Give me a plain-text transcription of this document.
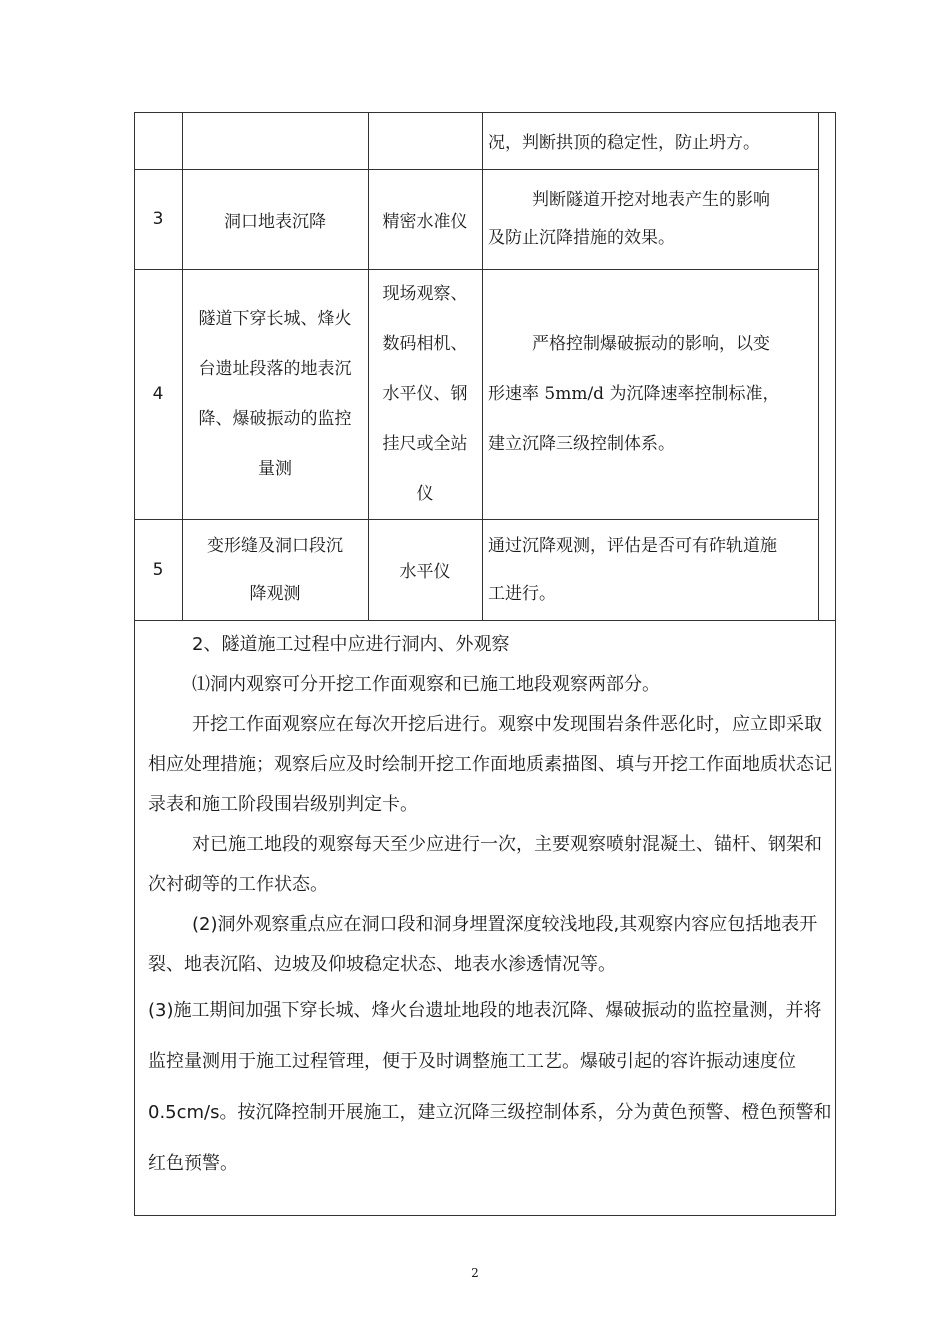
况，判断拱顶的稳定性，防止坍方。
3	洞口地表沉降	精密水准仪
判断隧道开挖对地表产生的影响
及防止沉降措施的效果。
4
隧道下穿长城、烽火
台遗址段落的地表沉
降、爆破振动的监控
量测
现场观察、
数码相机、
水平仪、钢
挂尺或全站
仪
严格控制爆破振动的影响，以变
形速率 5mm/d 为沉降速率控制标准，
建立沉降三级控制体系。
5
变形缝及洞口段沉
降观测
水平仪
通过沉降观测，评估是否可有砟轨道施
工进行。

2、隧道施工过程中应进行洞内、外观察

⑴洞内观察可分开挖工作面观察和已施工地段观察两部分。

开挖工作面观察应在每次开挖后进行。观察中发现围岩条件恶化时，应立即采取相应处理措施；观察后应及时绘制开挖工作面地质素描图、填与开挖工作面地质状态记录表和施工阶段围岩级别判定卡。

对已施工地段的观察每天至少应进行一次，主要观察喷射混凝土、锚杆、钢架和次衬砌等的工作状态。

(2)洞外观察重点应在洞口段和洞身埋置深度较浅地段,其观察内容应包括地表开裂、地表沉陷、边坡及仰坡稳定状态、地表水渗透情况等。

(3)施工期间加强下穿长城、烽火台遗址地段的地表沉降、爆破振动的监控量测，并将监控量测用于施工过程管理，便于及时调整施工工艺。爆破引起的容许振动速度位 0.5cm/s。按沉降控制开展施工，建立沉降三级控制体系，分为黄色预警、橙色预警和红色预警。

2
